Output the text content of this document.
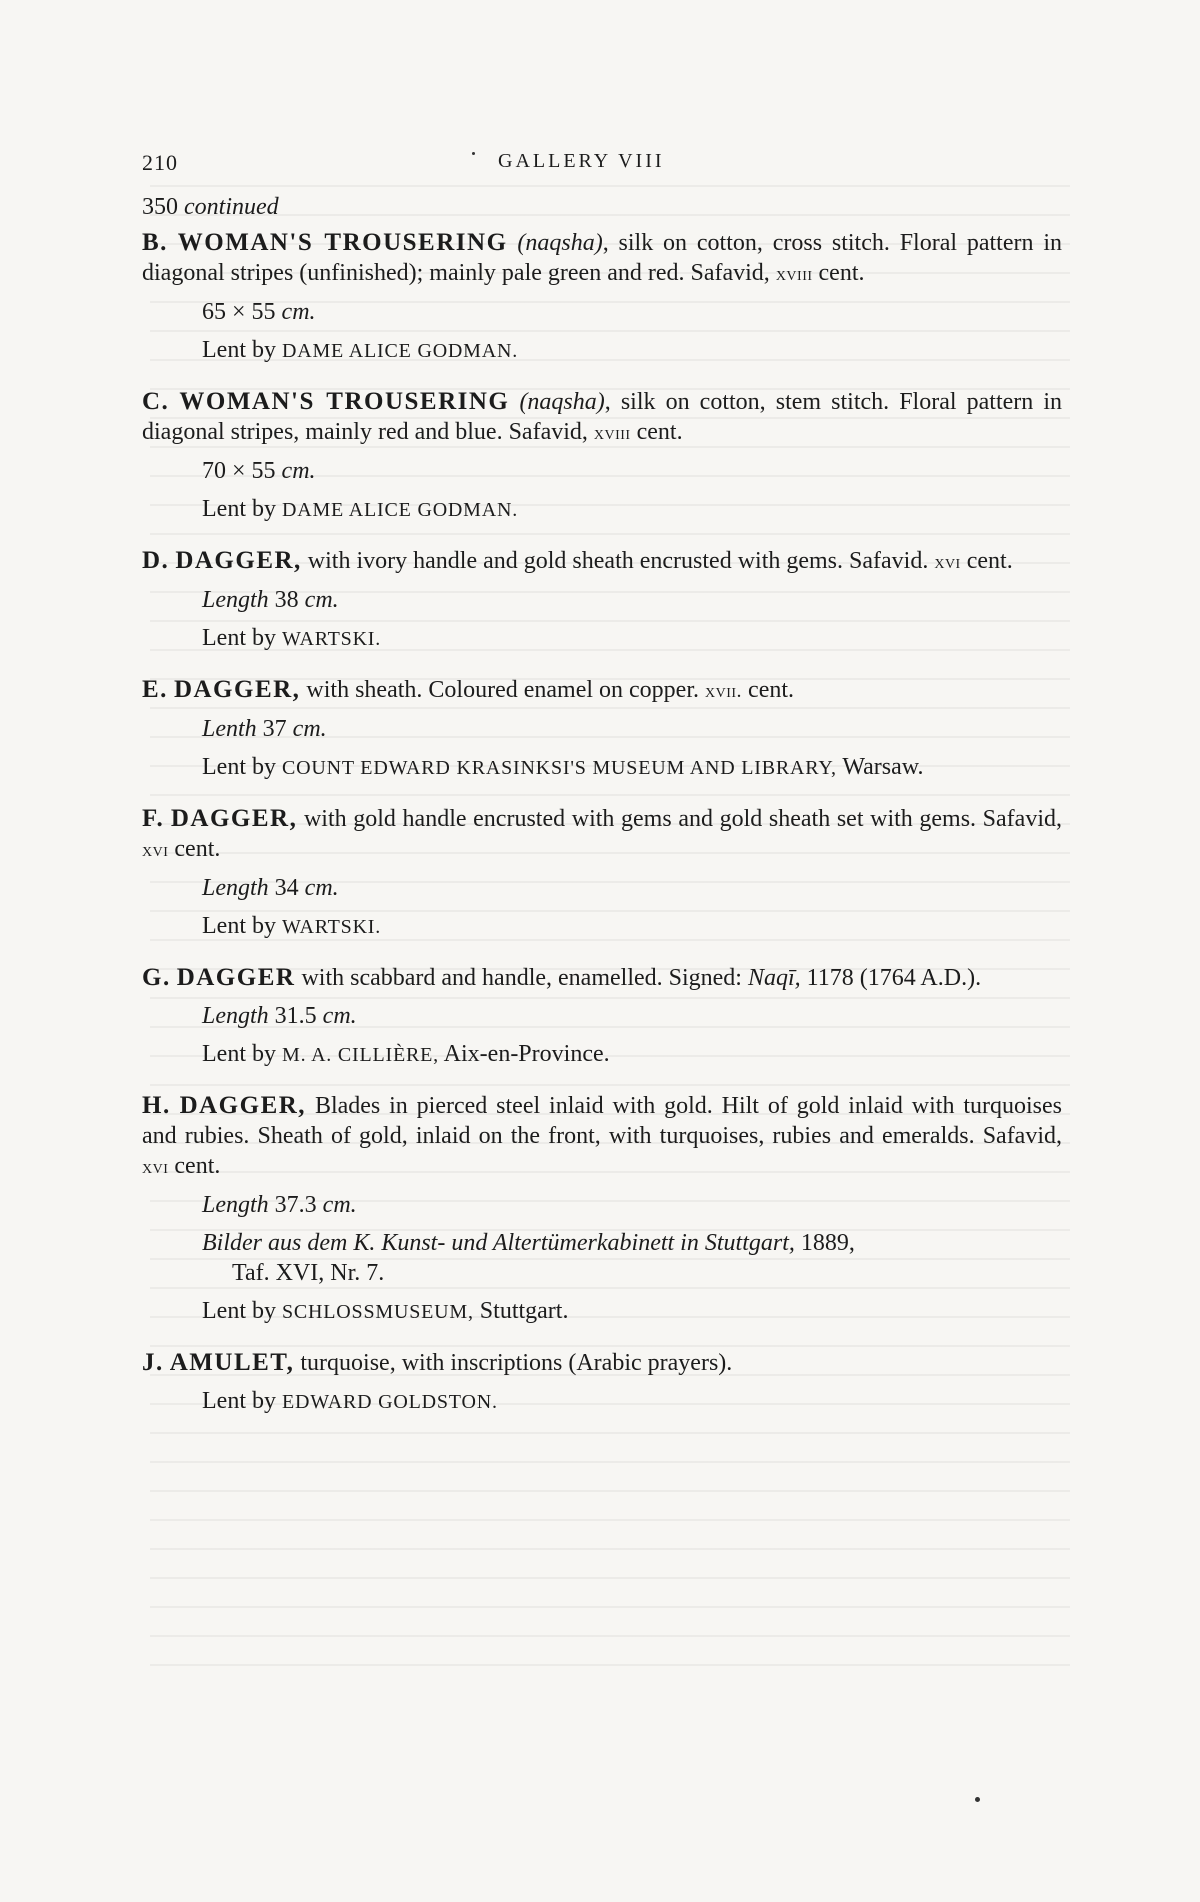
210	GALLERY VIII

350 continued

B. WOMAN'S TROUSERING (naqsha), silk on cotton, cross stitch. Floral pattern in diagonal stripes (unfinished); mainly pale green and red. Safavid, xviii cent.

65 × 55 cm.

Lent by DAME ALICE GODMAN.

C. WOMAN'S TROUSERING (naqsha), silk on cotton, stem stitch. Floral pattern in diagonal stripes, mainly red and blue. Safavid, xviii cent.

70 × 55 cm.

Lent by DAME ALICE GODMAN.

D. DAGGER, with ivory handle and gold sheath encrusted with gems. Safavid. xvi cent.

Length 38 cm.

Lent by WARTSKI.

E. DAGGER, with sheath. Coloured enamel on copper. xvii. cent.

Lenth 37 cm.

Lent by COUNT EDWARD KRASINKSI'S MUSEUM AND LIBRARY, Warsaw.

F. DAGGER, with gold handle encrusted with gems and gold sheath set with gems. Safavid, xvi cent.

Length 34 cm.

Lent by WARTSKI.

G. DAGGER with scabbard and handle, enamelled. Signed: Naqī, 1178 (1764 A.D.).

Length 31.5 cm.

Lent by M. A. CILLIÈRE, Aix-en-Province.

H. DAGGER, Blades in pierced steel inlaid with gold. Hilt of gold inlaid with turquoises and rubies. Sheath of gold, inlaid on the front, with turquoises, rubies and emeralds. Safavid, xvi cent.

Length 37.3 cm.

Bilder aus dem K. Kunst- und Altertümerkabinett in Stuttgart, 1889,
Taf. XVI, Nr. 7.

Lent by SCHLOSSMUSEUM, Stuttgart.

J. AMULET, turquoise, with inscriptions (Arabic prayers).

Lent by EDWARD GOLDSTON.
